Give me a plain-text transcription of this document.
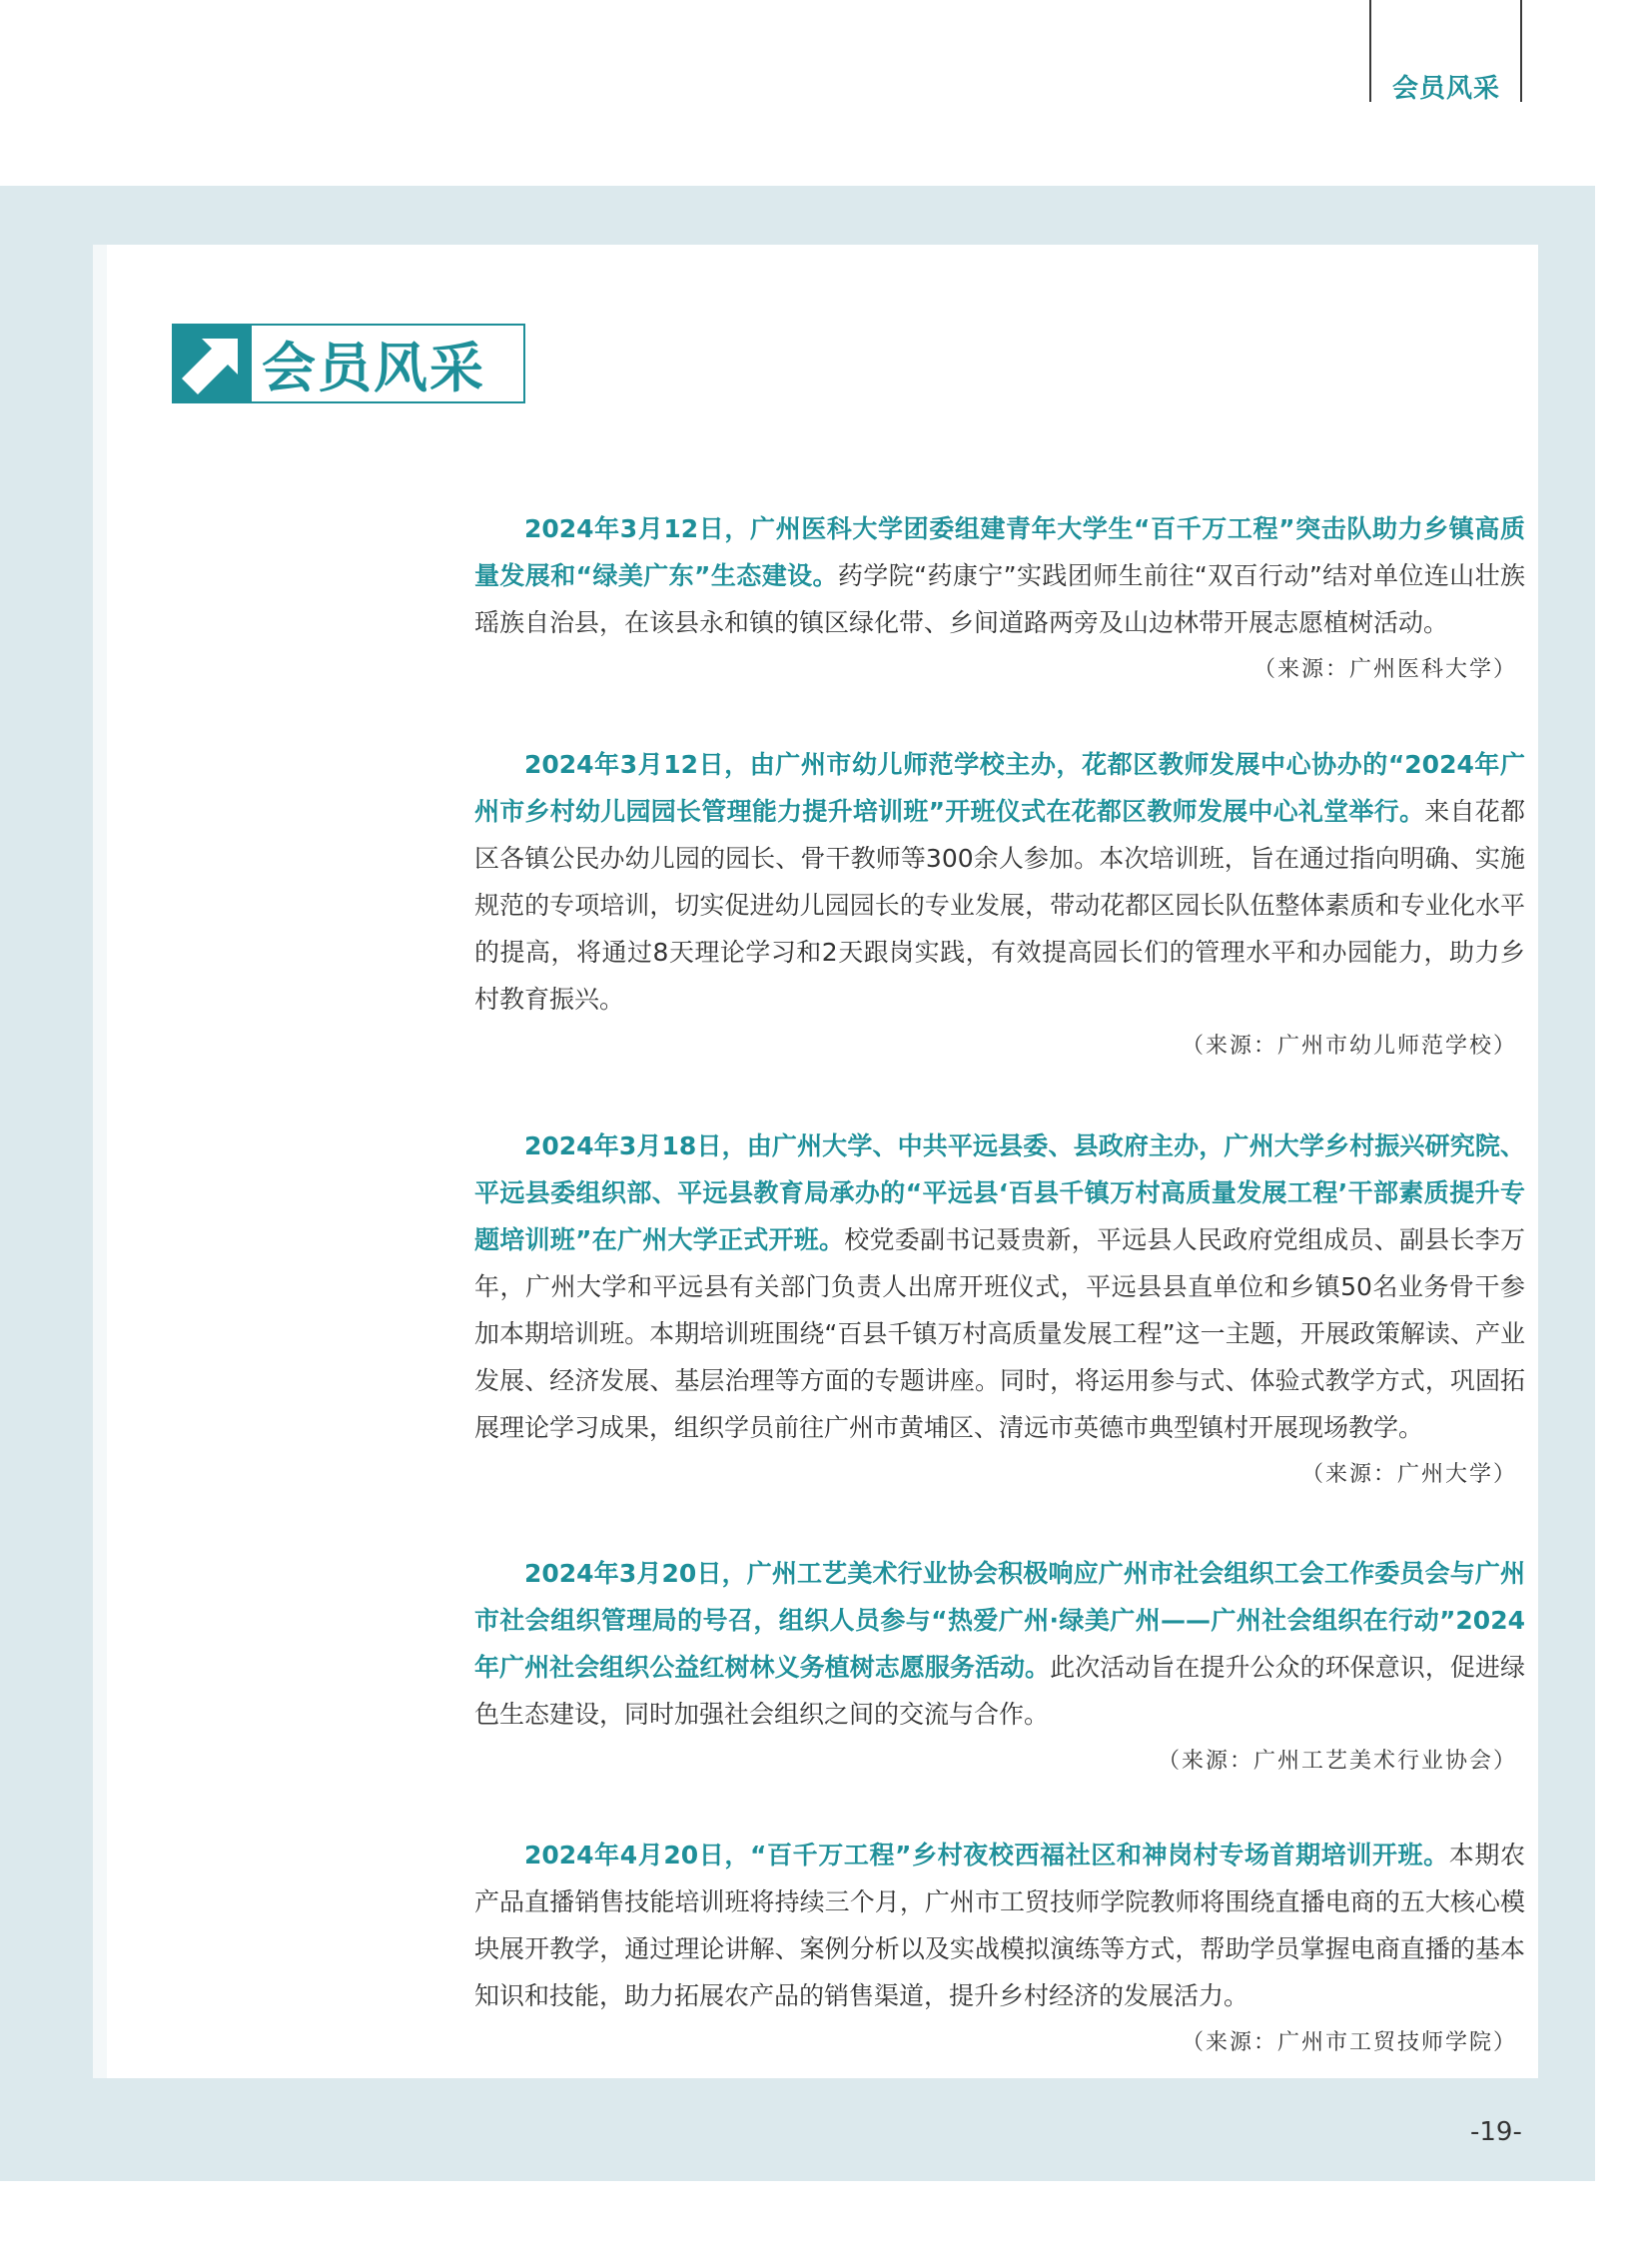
会员风采
会员风采

2024年3月12日，广州医科大学团委组建青年大学生“百千万工程”突击队助力乡镇高质量发展和“绿美广东”生态建设。药学院“药康宁”实践团师生前往“双百行动”结对单位连山壮族瑶族自治县，在该县永和镇的镇区绿化带、乡间道路两旁及山边林带开展志愿植树活动。

（来源：广州医科大学）

2024年3月12日，由广州市幼儿师范学校主办，花都区教师发展中心协办的“2024年广州市乡村幼儿园园长管理能力提升培训班”开班仪式在花都区教师发展中心礼堂举行。来自花都区各镇公民办幼儿园的园长、骨干教师等300余人参加。本次培训班，旨在通过指向明确、实施规范的专项培训，切实促进幼儿园园长的专业发展，带动花都区园长队伍整体素质和专业化水平的提高，将通过8天理论学习和2天跟岗实践，有效提高园长们的管理水平和办园能力，助力乡村教育振兴。

（来源：广州市幼儿师范学校）

2024年3月18日，由广州大学、中共平远县委、县政府主办，广州大学乡村振兴研究院、平远县委组织部、平远县教育局承办的“平远县‘百县千镇万村高质量发展工程’干部素质提升专题培训班”在广州大学正式开班。校党委副书记聂贵新，平远县人民政府党组成员、副县长李万年，广州大学和平远县有关部门负责人出席开班仪式，平远县县直单位和乡镇50名业务骨干参加本期培训班。本期培训班围绕“百县千镇万村高质量发展工程”这一主题，开展政策解读、产业发展、经济发展、基层治理等方面的专题讲座。同时，将运用参与式、体验式教学方式，巩固拓展理论学习成果，组织学员前往广州市黄埔区、清远市英德市典型镇村开展现场教学。

（来源：广州大学）

2024年3月20日，广州工艺美术行业协会积极响应广州市社会组织工会工作委员会与广州市社会组织管理局的号召，组织人员参与“热爱广州·绿美广州——广州社会组织在行动”2024年广州社会组织公益红树林义务植树志愿服务活动。此次活动旨在提升公众的环保意识，促进绿色生态建设，同时加强社会组织之间的交流与合作。

（来源：广州工艺美术行业协会）

2024年4月20日，“百千万工程”乡村夜校西福社区和神岗村专场首期培训开班。本期农产品直播销售技能培训班将持续三个月，广州市工贸技师学院教师将围绕直播电商的五大核心模块展开教学，通过理论讲解、案例分析以及实战模拟演练等方式，帮助学员掌握电商直播的基本知识和技能，助力拓展农产品的销售渠道，提升乡村经济的发展活力。

（来源：广州市工贸技师学院）
-19-
